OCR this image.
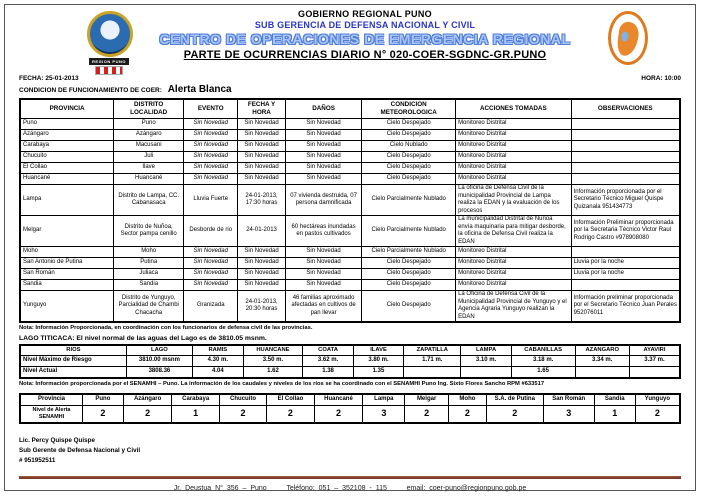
REGION PUNO
GOBIERNO REGIONAL PUNO
SUB GERENCIA DE DEFENSA NACIONAL Y CIVIL
CENTRO DE OPERACIONES DE EMERGENCIA REGIONAL
PARTE DE OCURRENCIAS DIARIO N° 020-COER-SGDNC-GR.PUNO
FECHA: 25-01-2013	HORA: 10:00
CONDICION DE FUNCIONAMIENTO DE COER: Alerta Blanca
PROVINCIA	DISTRITO LOCALIDAD	EVENTO	FECHA Y HORA	DAÑOS	CONDICION METEOROLOGICA	ACCIONES TOMADAS	OBSERVACIONES
Puno	Puno	Sin Novedad	Sin Novedad	Sin Novedad	Cielo Despejado	Monitoreo Distrital	
Azángaro	Azángaro	Sin Novedad	Sin Novedad	Sin Novedad	Cielo Despejado	Monitoreo Distrital	
Carabaya	Macusani	Sin Novedad	Sin Novedad	Sin Novedad	Cielo Nublado	Monitoreo Distrital	
Chucuito	Juli	Sin Novedad	Sin Novedad	Sin Novedad	Cielo Despejado	Monitoreo Distrital	
El Collao	Ilave	Sin Novedad	Sin Novedad	Sin Novedad	Cielo Despejado	Monitoreo Distrital	
Huancané	Huancané	Sin Novedad	Sin Novedad	Sin Novedad	Cielo Despejado	Monitoreo Distrital	
Lampa	Distrito de Lampa, CC. Cabanasaca	Lluvia Fuerte	24-01-2013, 17:30 horas	07 vivienda destruida, 07 persona damnificada	Cielo Parcialmente Nublado	La oficina de Defensa Civil de la municipalidad Provincial de Lampa realiza la EDAN y la evaluación de los procesos	Información proporcionada por el Secretario Técnico Miguel Quispe Quizanala 951434773
Melgar	Distrito de Nuñoa, Sector pampa cenillo	Desborde de rio	24-01-2013	60 hectáreas inundadas en pastos cultivados	Cielo Parcialmente Nublado	La municipalidad Distrital de Nuñoa envía maquinaria para mitigar desborde, la oficina de Defensa Civil realiza la EDAN	Información Preliminar proporcionada por la Secretaria Técnico Victor Raul Rodrigo Castro #978908080
Moho	Moho	Sin Novedad	Sin Novedad	Sin Novedad	Cielo Parcialmente Nublado	Monitoreo Distrital	
San Antonio de Putina	Putina	Sin Novedad	Sin Novedad	Sin Novedad	Cielo Despejado	Monitoreo Distrital	Lluvia por la noche
San Román	Juliaca	Sin Novedad	Sin Novedad	Sin Novedad	Cielo Despejado	Monitoreo Distrital	Lluvia por la noche
Sandia	Sandia	Sin Novedad	Sin Novedad	Sin Novedad	Cielo Despejado	Monitoreo Distrital	
Yunguyo	Distrito de Yunguyo, Parcialidad de Chambi Chacacha	Granizada	24-01-2013, 20:30 horas	46 familias aproximado afectadas en cultivos de pan llevar	Cielo Despejado	La Oficina de Defensa Civil de la Municipalidad Provincial de Yunguyo y el Agencia Agraria Yunguyo realizan la EDAN	Información preliminar proporcionada por el Secretario Técnico Juan Perales 952076011
Nota: Información Proporcionada, en coordinación con los funcionarios de defensa civil de las provincias.
LAGO TITICACA: El nivel normal de las aguas del Lago es de 3810.05 msnm.
RIOS	LAGO	RAMIS	HUANCANE	COATA	ILAVE	ZAPATILLA	LAMPA	CABANILLAS	AZANGARO	AYAVIRI
Nivel Máximo de Riesgo	3810.00 msnm	4.30 m.	3.50 m.	3.62 m.	3.80 m.	1.71 m.	3.10 m.	3.18 m.	3.34 m.	3.37 m.
Nivel Actual	3808.36	4.04	1.62	1.38	1.35			1.65		
Nota: Información proporcionada por el SENAMHI – Puno. La información de los caudales y niveles de los ríos se ha coordinado con el SENAMHI Puno Ing. Sixto Flores Sancho RPM #633517
Provincia	Puno	Azángaro	Carabaya	Chucuito	El Collao	Huancané	Lampa	Melgar	Moho	S.A. de Putina	San Román	Sandia	Yunguyo
Nivel de Alerta SENAMHI	2	2	1	2	2	2	3	2	2	2	3	1	2
Lic. Percy Quispe Quispe
Sub Gerente de Defensa Nacional y Civil
# 951952511
Jr. Deustua N° 356 – Puno	Teléfono: 051 – 352108 - 115	email: coer-puno@regionpuno.gob.pe
